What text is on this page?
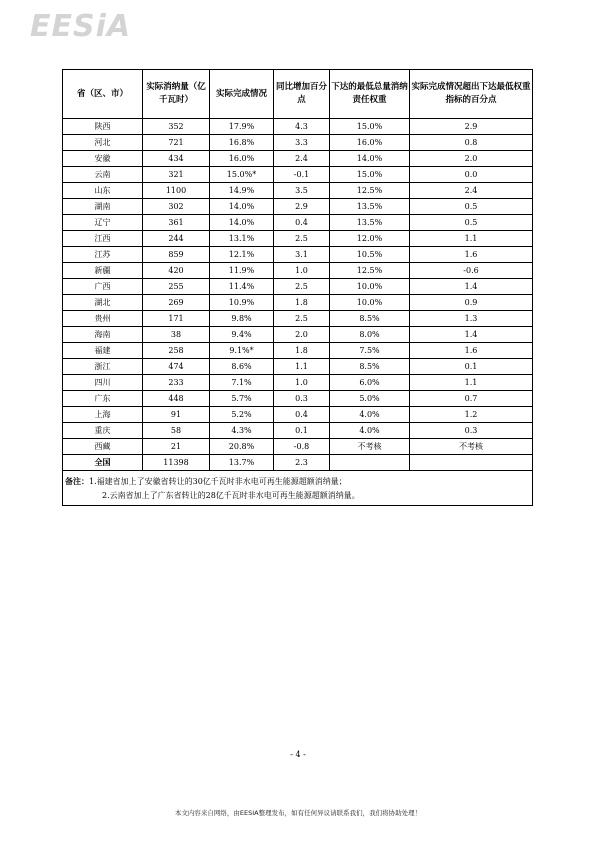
EESiA
省（区、市）	实际消纳量（亿千瓦时）	实际完成情况	同比增加百分点	下达的最低总量消纳责任权重	实际完成情况超出下达最低权重指标的百分点
陕西	352	17.9%	4.3	15.0%	2.9
河北	721	16.8%	3.3	16.0%	0.8
安徽	434	16.0%	2.4	14.0%	2.0
云南	321	15.0%*	-0.1	15.0%	0.0
山东	1100	14.9%	3.5	12.5%	2.4
湖南	302	14.0%	2.9	13.5%	0.5
辽宁	361	14.0%	0.4	13.5%	0.5
江西	244	13.1%	2.5	12.0%	1.1
江苏	859	12.1%	3.1	10.5%	1.6
新疆	420	11.9%	1.0	12.5%	-0.6
广西	255	11.4%	2.5	10.0%	1.4
湖北	269	10.9%	1.8	10.0%	0.9
贵州	171	9.8%	2.5	8.5%	1.3
海南	38	9.4%	2.0	8.0%	1.4
福建	258	9.1%*	1.8	7.5%	1.6
浙江	474	8.6%	1.1	8.5%	0.1
四川	233	7.1%	1.0	6.0%	1.1
广东	448	5.7%	0.3	5.0%	0.7
上海	91	5.2%	0.4	4.0%	1.2
重庆	58	4.3%	0.1	4.0%	0.3
西藏	21	20.8%	-0.8	不考核	不考核
全国	11398	13.7%	2.3		
备注：1.福建省加上了安徽省转让的30亿千瓦时非水电可再生能源超额消纳量；
2.云南省加上了广东省转让的28亿千瓦时非水电可再生能源超额消纳量。					
- 4 -
本文内容来自网络，由EESIA整理发布，如有任何异议请联系我们，我们将协助处理！
